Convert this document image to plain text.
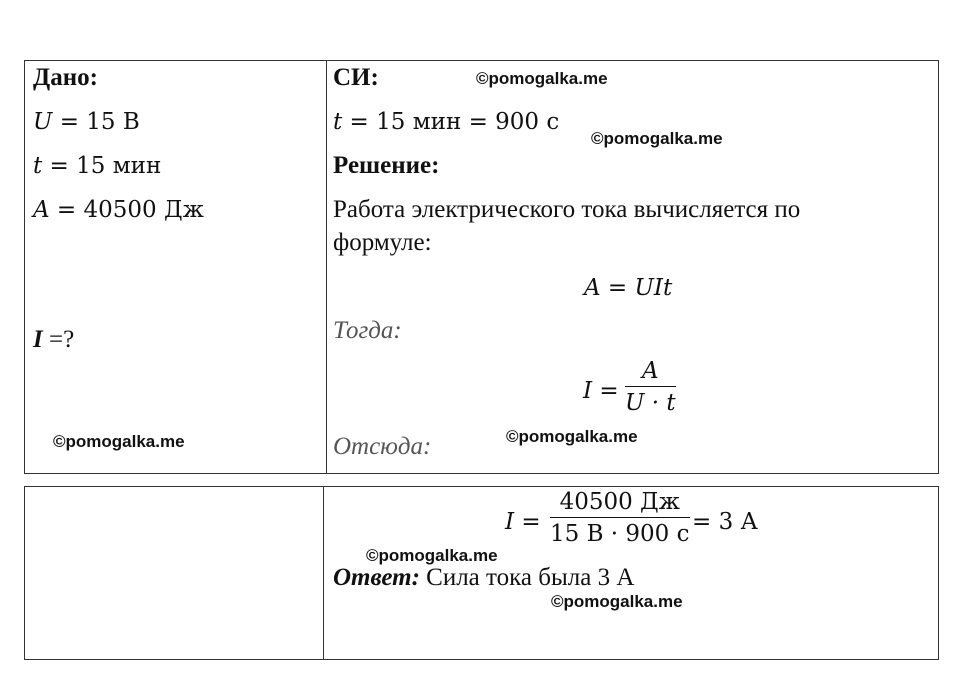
Дано:
U = 15 В
t = 15 мин
A = 40500 Дж
I =?
СИ:
t = 15 мин = 900 с
Решение:
Работа электрического тока вычисляется по
формуле:
A = UIt
Тогда:
I =
A
U · t
Отсюда:
I =
40500 Дж
15 В · 900 с = 3 А
Ответ: Сила тока была 3 А
©pomogalka.me
©pomogalka.me
©pomogalka.me	©pomogalka.me
©pomogalka.me
©pomogalka.me
